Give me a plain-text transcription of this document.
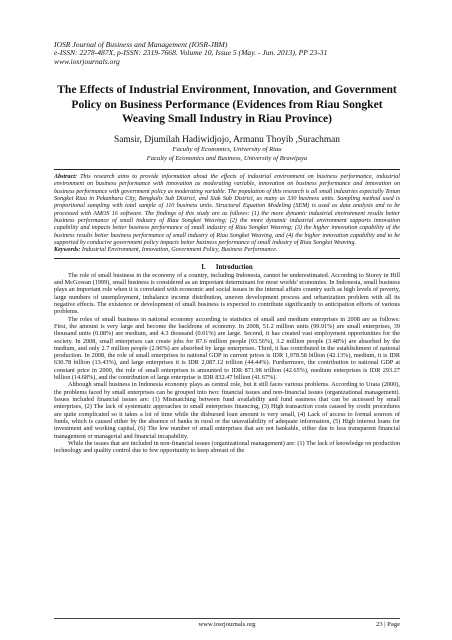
IOSR Journal of Business and Management (IOSR-JBM)
e-ISSN: 2278-487X, p-ISSN: 2319-7668. Volume 10, Issue 5 (May. - Jun. 2013), PP 23-31
www.iosrjournals.org
The Effects of Industrial Environment, Innovation, and Government Policy on Business Performance (Evidences from Riau Songket Weaving Small Industry in Riau Province)
Samsir, Djumilah Hadiwidjojo, Armanu Thoyib ,Surachman
Faculty of Economics, University of Riau
Faculty of Economics and Business, University of Brawijaya
Abstract: This research aims to provide information about the effects of industrial environment on business performance, industrial environment on business performance with innovation as moderating variable, innovation on business performance and innovation on business performance with government policy as moderating variable. The population of this research is all small industries especially Tenun Songket Riau in Pekanbaru City, Bengkalis Sub District, and Siak Sub District, as many as 330 business units. Sampling method used is proportional sampling with total sample of 110 business units. Structural Equation Modeling (SEM) is used as data analysis and to be processed with AMOS 16 software. The findings of this study are as follows: (1) the more dynamic industrial environment results better business performance of small industry of Riau Songket Weaving; (2) the more dynamic industrial environment supports innovation capability and impacts better business performance of small industry of Riau Songket Weaving; (3) the higher innovation capability of the business results better business performance of small industry of Riau Songket Weaving, and (4) the higher innovation capability and to be supported by conducive government policy impacts better business performance of small industry of Riau Songket Weaving.
Keywords: Industrial Environment, Innovation, Government Policy, Business Performance.
I.      Introduction

The role of small business in the economy of a country, including Indonesia, cannot be underestimated. According to Storey in Hill and McGowan (1999), small business is considered as an important determinant for most worlds' economies. In Indonesia, small business plays an important role when it is correlated with economic and social issues in the internal affairs country such as high levels of poverty, large numbers of unemployment, imbalance income distribution, uneven development process and urbanization problem with all its negative effects. The existence or development of small business is expected to contribute significantly to anticipation efforts of various problems.

The roles of small business in national economy according to statistics of small and medium enterprises in 2008 are as follows: First, the amount is very large and become the backbone of economy. In 2008, 51.2 million units (99.91%) are small enterprises, 39 thousand units (0.08%) are medium, and 4.3 thousand (0.01%) are large. Second, it has created vast employment opportunities for the society. In 2008, small enterprises can create jobs for 87.6 million people (93.56%), 3.2 million people (3.48%) are absorbed by the medium, and only 2.7 million people (2.96%) are absorbed by large enterprises. Third, it has contributed in the establishment of national production. In 2008, the role of small enterprises to national GDP in current prices is IDR 1,978.58 billion (42.13%), medium, it is IDR 630.78 billion (13.43%), and large enterprises it is IDR 2,087.12 trillion (44.44%). Furthermore, the contribution to national GDP at constant price in 2000, the role of small enterprises is amounted to IDR 871.98 trillion (42.65%), medium enterprises is IDR 293.27 billion (14.68%), and the contribution of large enterprise is IDR 832.47 billion (41.67%).

Although small business in Indonesia economy plays as central role, but it still faces various problems. According to Urata (2000), the problems faced by small enterprises can be grouped into two: financial issues and non-financial issues (organizational management). Issues included financial issues are: (1) Mismatching between fund availability and fund easiness that can be accessed by small enterprises, (2) The lack of systematic approaches to small enterprises financing, (3) High transaction costs caused by credit procedures are quite complicated so it takes a lot of time while the disbursed loan amount is very small, (4) Lack of access to formal sources of funds, which is caused either by the absence of banks in rural or the unavailability of adequate information, (5) High interest loans for investment and working capital, (6) The low number of small enterprises that are not bankable, either due to less transparent financial management or managerial and financial incapability.

While the issues that are included in non-financial issues (organizational management) are: (1) The lack of knowledge on production technology and quality control due to few opportunity to keep abreast of the

www.iosrjournals.org	23 | Page
